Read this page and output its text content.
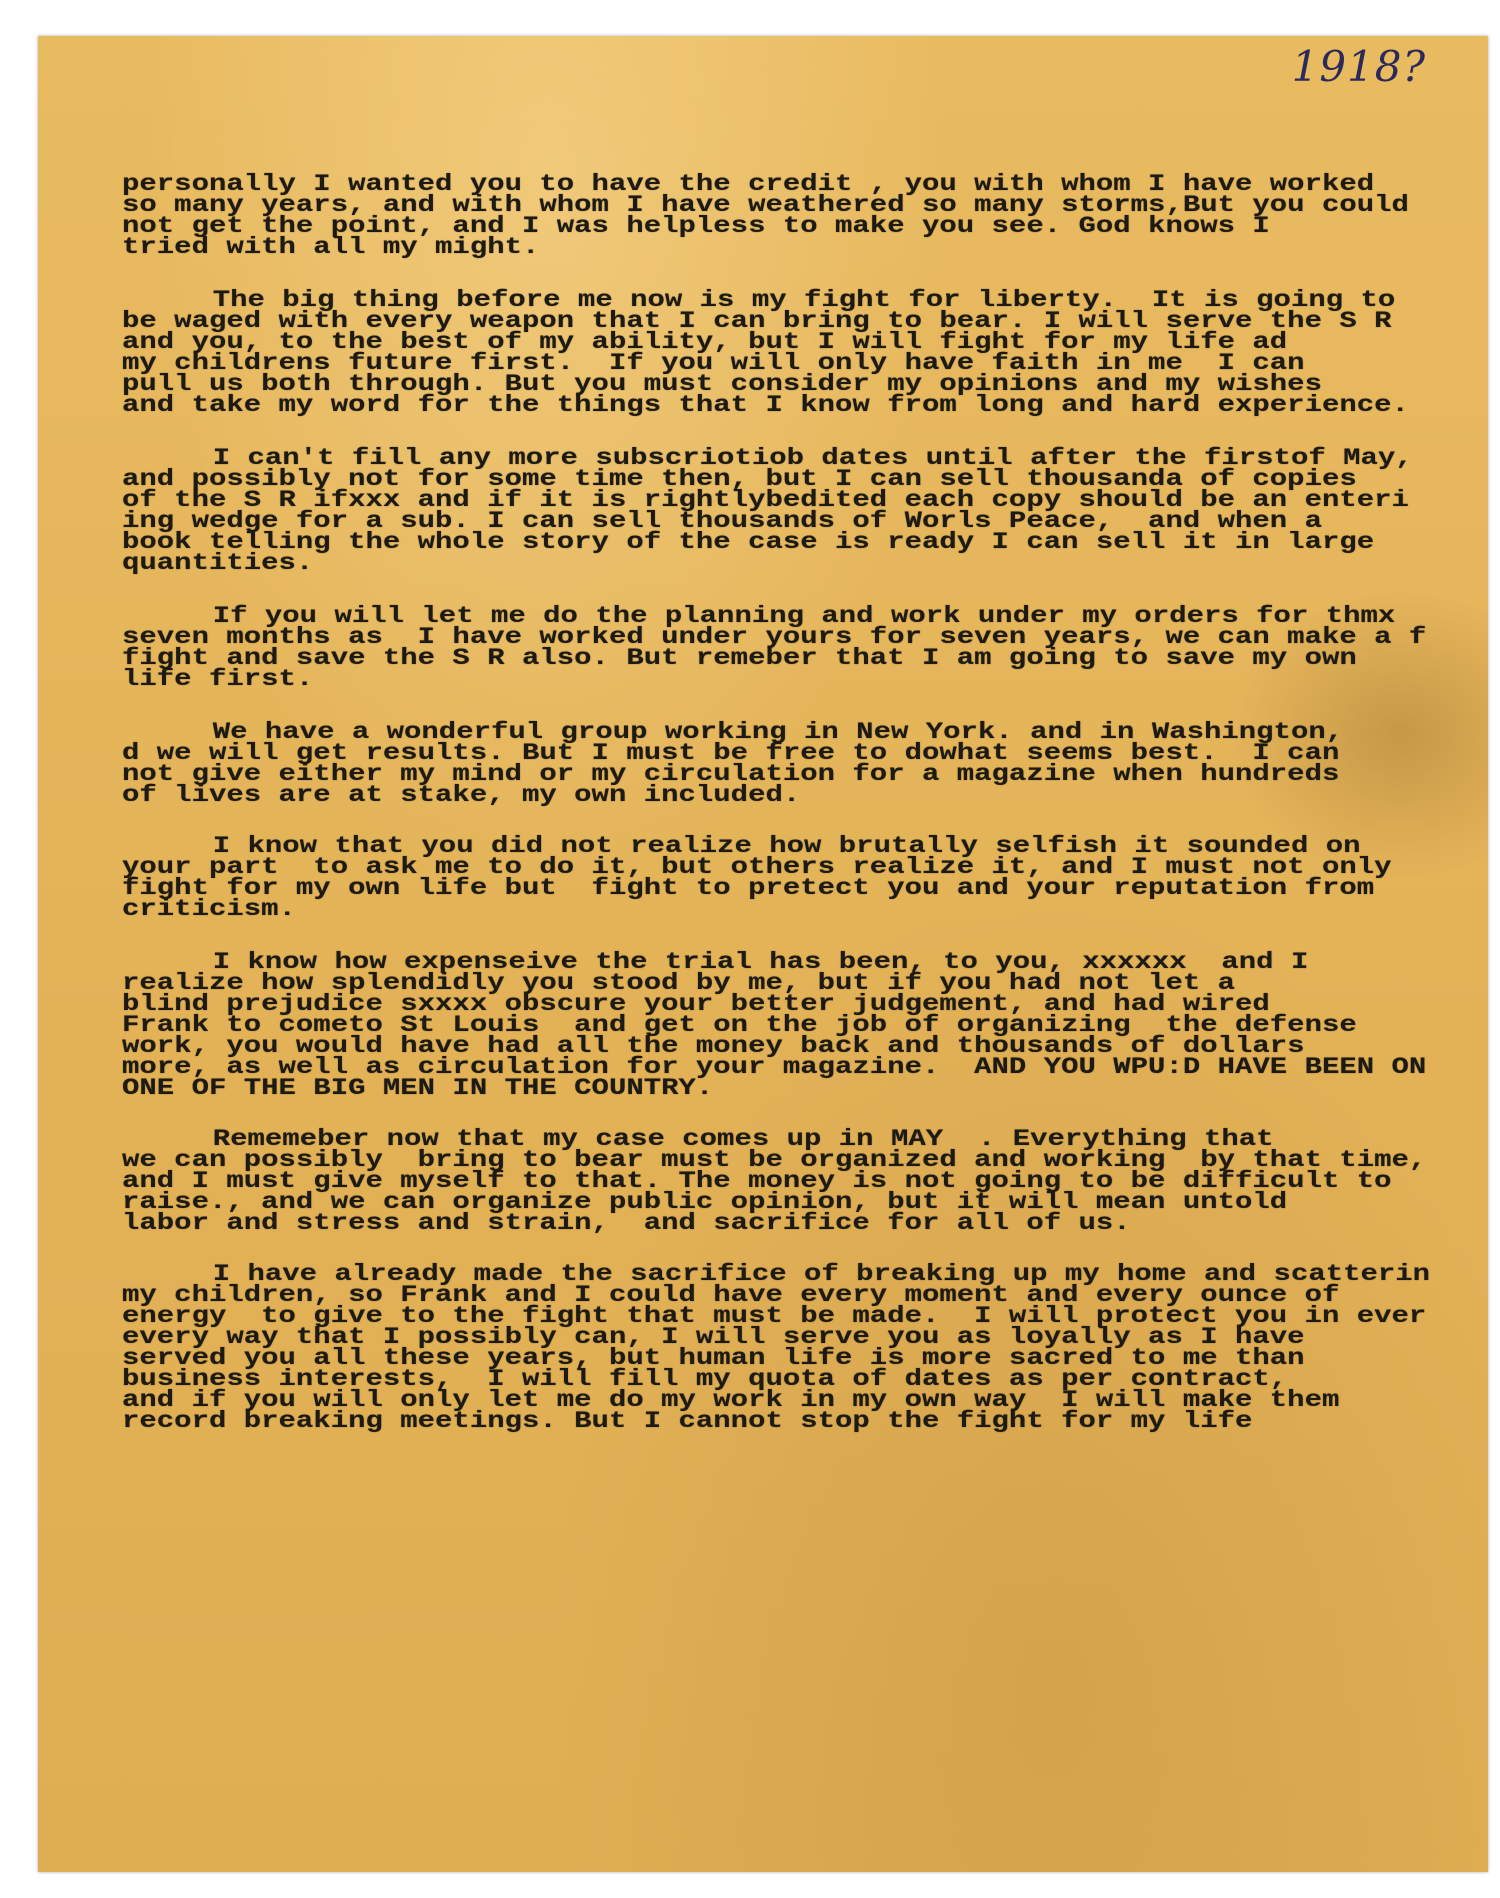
1918?
personally I wanted you to have the credit , you with whom I have worked
so many years, and with whom I have weathered so many storms,But you could
not get the point, and I was helpless to make you see. God knows I
tried with all my might.
The big thing before me now is my fight for liberty.  It is going to
be waged with every weapon that I can bring to bear. I will serve the S R
and you, to the best of my ability, but I will fight for my life ad
my childrens future first.  If you will only have faith in me  I can
pull us both through. But you must consider my opinions and my wishes
and take my word for the things that I know from long and hard experience.
I can't fill any more subscriotiob dates until after the firstof May,
and possibly not for some time then, but I can sell thousanda of copies
of the S R ifxxx and if it is rightlybedited each copy should be an enteri
ing wedge for a sub. I can sell thousands of Worls Peace,  and when a
book telling the whole story of the case is ready I can sell it in large
quantities.
If you will let me do the planning and work under my orders for thmx
seven months as  I have worked under yours for seven years, we can make a f
fight and save the S R also. But remeber that I am going to save my own
life first.
We have a wonderful group working in New York. and in Washington,
d we will get results. But I must be free to dowhat seems best.  I can
not give either my mind or my circulation for a magazine when hundreds
of lives are at stake, my own included.
I know that you did not realize how brutally selfish it sounded on
your part  to ask me to do it, but others realize it, and I must not only
fight for my own life but  fight to pretect you and your reputation from
criticism.
I know how expenseive the trial has been, to you, xxxxxx  and I
realize how splendidly you stood by me, but if you had not let a
blind prejudice sxxxx obscure your better judgement, and had wired
Frank to cometo St Louis  and get on the job of organizing  the defense
work, you would have had all the money back and thousands of dollars
more, as well as circulation for your magazine.  AND YOU WPU:D HAVE BEEN ON
ONE OF THE BIG MEN IN THE COUNTRY.
Rememeber now that my case comes up in MAY  . Everything that
we can possibly  bring to bear must be organized and working  by that time,
and I must give myself to that. The money is not going to be difficult to
raise., and we can organize public opinion, but it will mean untold
labor and stress and strain,  and sacrifice for all of us.
I have already made the sacrifice of breaking up my home and scatterin
my children, so Frank and I could have every moment and every ounce of
energy  to give to the fight that must be made.  I will protect you in ever
every way that I possibly can, I will serve you as loyally as I have
served you all these years, but human life is more sacred to me than
business interests,  I will fill my quota of dates as per contract,
and if you will only let me do my work in my own way  I will make them
record breaking meetings. But I cannot stop the fight for my life
